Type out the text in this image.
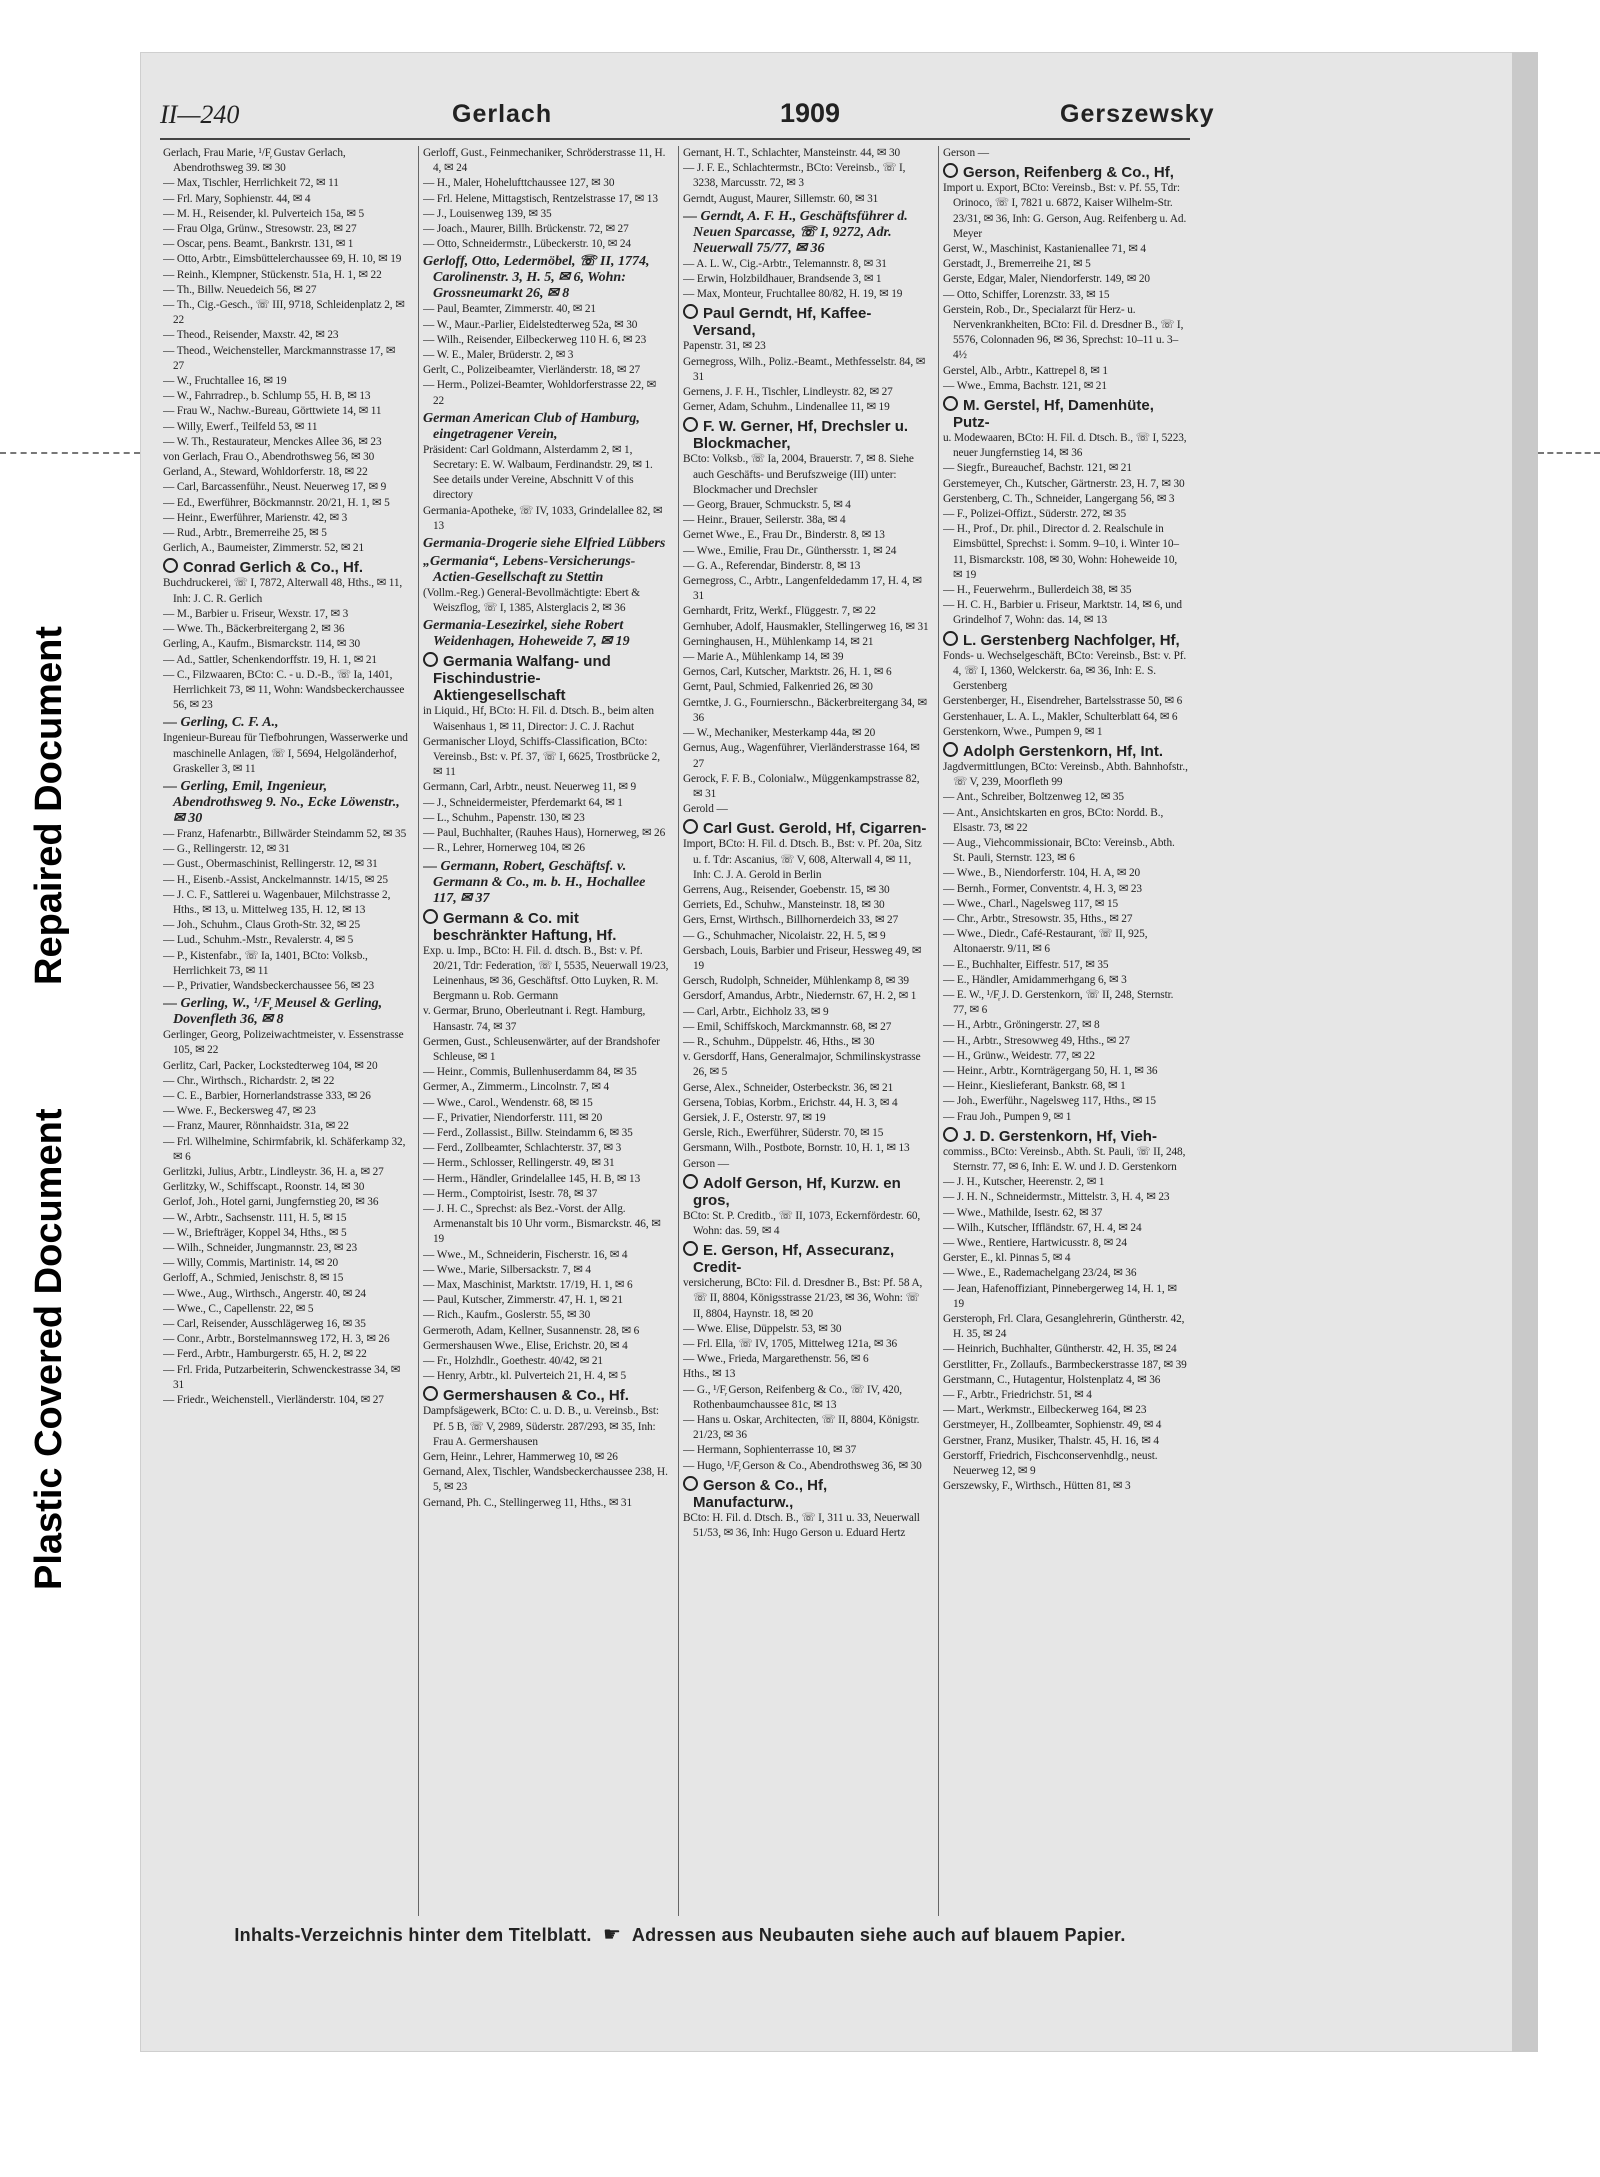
Repaired Document
Plastic Covered Document
II—240	Gerlach	1909	Gerszewsky

Gerlach, Frau Marie, ¹/F᷊ Gustav Gerlach, Abendrothsweg 39. ✉ 30

— Max, Tischler, Herrlichkeit 72, ✉ 11

— Frl. Mary, Sophienstr. 44, ✉ 4

— M. H., Reisender, kl. Pulverteich 15a, ✉ 5

— Frau Olga, Grünw., Stresowstr. 23, ✉ 27

— Oscar, pens. Beamt., Bankrstr. 131, ✉ 1

— Otto, Arbtr., Eimsbüttelerchaussee 69, H. 10, ✉ 19

— Reinh., Klempner, Stückenstr. 51a, H. 1, ✉ 22

— Th., Billw. Neuedeich 56, ✉ 27

— Th., Cig.-Gesch., ☏ III, 9718, Schleidenplatz 2, ✉ 22

— Theod., Reisender, Maxstr. 42, ✉ 23

— Theod., Weichensteller, Marckmannstrasse 17, ✉ 27

— W., Fruchtallee 16, ✉ 19

— W., Fahrradrep., b. Schlump 55, H. B, ✉ 13

— Frau W., Nachw.-Bureau, Görttwiete 14, ✉ 11

— Willy, Ewerf., Teilfeld 53, ✉ 11

— W. Th., Restaurateur, Menckes Allee 36, ✉ 23

von Gerlach, Frau O., Abendrothsweg 56, ✉ 30

Gerland, A., Steward, Wohldorferstr. 18, ✉ 22

— Carl, Barcassenführ., Neust. Neuerweg 17, ✉ 9

— Ed., Ewerführer, Böckmannstr. 20/21, H. 1, ✉ 5

— Heinr., Ewerführer, Marienstr. 42, ✉ 3

— Rud., Arbtr., Bremerreihe 25, ✉ 5

Gerlich, A., Baumeister, Zimmerstr. 52, ✉ 21

Conrad Gerlich & Co., Hf.

Buchdruckerei, ☏ I, 7872, Alterwall 48, Hths., ✉ 11, Inh: J. C. R. Gerlich

— M., Barbier u. Friseur, Wexstr. 17, ✉ 3

— Wwe. Th., Bäckerbreitergang 2, ✉ 36

Gerling, A., Kaufm., Bismarckstr. 114, ✉ 30

— Ad., Sattler, Schenkendorffstr. 19, H. 1, ✉ 21

— C., Filzwaaren, BCto: C. - u. D.-B., ☏ Ia, 1401, Herrlichkeit 73, ✉ 11, Wohn: Wandsbeckerchaussee 56, ✉ 23

— Gerling, C. F. A.,

Ingenieur-Bureau für Tiefbohrungen, Wasserwerke und maschinelle Anlagen, ☏ I, 5694, Helgoländerhof, Graskeller 3, ✉ 11

— Gerling, Emil, Ingenieur, Abendrothsweg 9. No., Ecke Löwenstr., ✉ 30

— Franz, Hafenarbtr., Billwärder Steindamm 52, ✉ 35

— G., Rellingerstr. 12, ✉ 31

— Gust., Obermaschinist, Rellingerstr. 12, ✉ 31

— H., Eisenb.-Assist, Anckelmannstr. 14/15, ✉ 25

— J. C. F., Sattlerei u. Wagenbauer, Milchstrasse 2, Hths., ✉ 13, u. Mittelweg 135, H. 12, ✉ 13

— Joh., Schuhm., Claus Groth-Str. 32, ✉ 25

— Lud., Schuhm.-Mstr., Revalerstr. 4, ✉ 5

— P., Kistenfabr., ☏ Ia, 1401, BCto: Volksb., Herrlichkeit 73, ✉ 11

— P., Privatier, Wandsbeckerchaussee 56, ✉ 23

— Gerling, W., ¹/F᷊ Meusel & Gerling, Dovenfleth 36, ✉ 8

Gerlinger, Georg, Polizeiwachtmeister, v. Essenstrasse 105, ✉ 22

Gerlitz, Carl, Packer, Lockstedterweg 104, ✉ 20

— Chr., Wirthsch., Richardstr. 2, ✉ 22

— C. E., Barbier, Hornerlandstrasse 333, ✉ 26

— Wwe. F., Beckersweg 47, ✉ 23

— Franz, Maurer, Rönnhaidstr. 31a, ✉ 22

— Frl. Wilhelmine, Schirmfabrik, kl. Schäferkamp 32, ✉ 6

Gerlitzki, Julius, Arbtr., Lindleystr. 36, H. a, ✉ 27

Gerlitzky, W., Schiffscapt., Roonstr. 14, ✉ 30

Gerlof, Joh., Hotel garni, Jungfernstieg 20, ✉ 36

— W., Arbtr., Sachsenstr. 111, H. 5, ✉ 15

— W., Briefträger, Koppel 34, Hths., ✉ 5

— Wilh., Schneider, Jungmannstr. 23, ✉ 23

— Willy, Commis, Martinistr. 14, ✉ 20

Gerloff, A., Schmied, Jenischstr. 8, ✉ 15

— Wwe., Aug., Wirthsch., Angerstr. 40, ✉ 24

— Wwe., C., Capellenstr. 22, ✉ 5

— Carl, Reisender, Ausschlägerweg 16, ✉ 35

— Conr., Arbtr., Borstelmannsweg 172, H. 3, ✉ 26

— Ferd., Arbtr., Hamburgerstr. 65, H. 2, ✉ 22

— Frl. Frida, Putzarbeiterin, Schwenckestrasse 34, ✉ 31

— Friedr., Weichenstell., Vierländerstr. 104, ✉ 27

Gerloff, Gust., Feinmechaniker, Schröderstrasse 11, H. 4, ✉ 24

— H., Maler, Hohelufttchaussee 127, ✉ 30

— Frl. Helene, Mittagstisch, Rentzelstrasse 17, ✉ 13

— J., Louisenweg 139, ✉ 35

— Joach., Maurer, Billh. Brückenstr. 72, ✉ 27

— Otto, Schneidermstr., Lübeckerstr. 10, ✉ 24

Gerloff, Otto, Ledermöbel, ☏ II, 1774, Carolinenstr. 3, H. 5, ✉ 6, Wohn: Grossneumarkt 26, ✉ 8

— Paul, Beamter, Zimmerstr. 40, ✉ 21

— W., Maur.-Parlier, Eidelstedterweg 52a, ✉ 30

— Wilh., Reisender, Eilbeckerweg 110 H. 6, ✉ 23

— W. E., Maler, Brüderstr. 2, ✉ 3

Gerlt, C., Polizeibeamter, Vierländerstr. 18, ✉ 27

— Herm., Polizei-Beamter, Wohldorferstrasse 22, ✉ 22

German American Club of Hamburg, eingetragener Verein,

Präsident: Carl Goldmann, Alsterdamm 2, ✉ 1, Secretary: E. W. Walbaum, Ferdinandstr. 29, ✉ 1. See details under Vereine, Abschnitt V of this directory

Germania-Apotheke, ☏ IV, 1033, Grindelallee 82, ✉ 13

Germania-Drogerie siehe Elfried Lübbers

„Germania“, Lebens-Versicherungs-Actien-Gesellschaft zu Stettin

(Vollm.-Reg.) General-Bevollmächtigte: Ebert & Weiszflog, ☏ I, 1385, Alsterglacis 2, ✉ 36

Germania-Lesezirkel, siehe Robert Weidenhagen, Hoheweide 7, ✉ 19

Germania Walfang- und Fischindustrie-Aktiengesellschaft

in Liquid., Hf, BCto: H. Fil. d. Dtsch. B., beim alten Waisenhaus 1, ✉ 11, Director: J. C. J. Rachut

Germanischer Lloyd, Schiffs-Classification, BCto: Vereinsb., Bst: v. Pf. 37, ☏ I, 6625, Trostbrücke 2, ✉ 11

Germann, Carl, Arbtr., neust. Neuerweg 11, ✉ 9

— J., Schneidermeister, Pferdemarkt 64, ✉ 1

— L., Schuhm., Papenstr. 130, ✉ 23

— Paul, Buchhalter, (Rauhes Haus), Hornerweg, ✉ 26

— R., Lehrer, Hornerweg 104, ✉ 26

— Germann, Robert, Geschäftsf. v. Germann & Co., m. b. H., Hochallee 117, ✉ 37

Germann & Co. mit beschränkter Haftung, Hf.

Exp. u. Imp., BCto: H. Fil. d. dtsch. B., Bst: v. Pf. 20/21, Tdr: Federation, ☏ I, 5535, Neuerwall 19/23, Leinenhaus, ✉ 36, Geschäftsf. Otto Luyken, R. M. Bergmann u. Rob. Germann

v. Germar, Bruno, Oberleutnant i. Regt. Hamburg, Hansastr. 74, ✉ 37

Germen, Gust., Schleusenwärter, auf der Brandshofer Schleuse, ✉ 1

— Heinr., Commis, Bullenhuserdamm 84, ✉ 35

Germer, A., Zimmerm., Lincolnstr. 7, ✉ 4

— Wwe., Carol., Wendenstr. 68, ✉ 15

— F., Privatier, Niendorferstr. 111, ✉ 20

— Ferd., Zollassist., Billw. Steindamm 6, ✉ 35

— Ferd., Zollbeamter, Schlachterstr. 37, ✉ 3

— Herm., Schlosser, Rellingerstr. 49, ✉ 31

— Herm., Händler, Grindelallee 145, H. B, ✉ 13

— Herm., Comptoirist, Isestr. 78, ✉ 37

— J. H. C., Sprechst: als Bez.-Vorst. der Allg. Armenanstalt bis 10 Uhr vorm., Bismarckstr. 46, ✉ 19

— Wwe., M., Schneiderin, Fischerstr. 16, ✉ 4

— Wwe., Marie, Silbersackstr. 7, ✉ 4

— Max, Maschinist, Marktstr. 17/19, H. 1, ✉ 6

— Paul, Kutscher, Zimmerstr. 47, H. 1, ✉ 21

— Rich., Kaufm., Goslerstr. 55, ✉ 30

Germeroth, Adam, Kellner, Susannenstr. 28, ✉ 6

Germershausen Wwe., Elise, Erichstr. 20, ✉ 4

— Fr., Holzhdlr., Goethestr. 40/42, ✉ 21

— Henry, Arbtr., kl. Pulverteich 21, H. 4, ✉ 5

Germershausen & Co., Hf.

Dampfsägewerk, BCto: C. u. D. B., u. Vereinsb., Bst: Pf. 5 B, ☏ V, 2989, Süderstr. 287/293, ✉ 35, Inh: Frau A. Germershausen

Gern, Heinr., Lehrer, Hammerweg 10, ✉ 26

Gernand, Alex, Tischler, Wandsbeckerchaussee 238, H. 5, ✉ 23

Gernand, Ph. C., Stellingerweg 11, Hths., ✉ 31

Gernant, H. T., Schlachter, Mansteinstr. 44, ✉ 30

— J. F. E., Schlachtermstr., BCto: Vereinsb., ☏ I, 3238, Marcusstr. 72, ✉ 3

Gerndt, August, Maurer, Sillemstr. 60, ✉ 31

— Gerndt, A. F. H., Geschäftsführer d. Neuen Sparcasse, ☏ I, 9272, Adr. Neuerwall 75/77, ✉ 36

— A. L. W., Cig.-Arbtr., Telemannstr. 8, ✉ 31

— Erwin, Holzbildhauer, Brandsende 3, ✉ 1

— Max, Monteur, Fruchtallee 80/82, H. 19, ✉ 19

Paul Gerndt, Hf, Kaffee-Versand,

Papenstr. 31, ✉ 23

Gernegross, Wilh., Poliz.-Beamt., Methfesselstr. 84, ✉ 31

Gernens, J. F. H., Tischler, Lindleystr. 82, ✉ 27

Gerner, Adam, Schuhm., Lindenallee 11, ✉ 19

F. W. Gerner, Hf, Drechsler u. Blockmacher,

BCto: Volksb., ☏ Ia, 2004, Brauerstr. 7, ✉ 8. Siehe auch Geschäfts- und Berufszweige (III) unter: Blockmacher und Drechsler

— Georg, Brauer, Schmuckstr. 5, ✉ 4

— Heinr., Brauer, Seilerstr. 38a, ✉ 4

Gernet Wwe., E., Frau Dr., Binderstr. 8, ✉ 13

— Wwe., Emilie, Frau Dr., Günthersstr. 1, ✉ 24

— G. A., Referendar, Binderstr. 8, ✉ 13

Gernegross, C., Arbtr., Langenfeldedamm 17, H. 4, ✉ 31

Gernhardt, Fritz, Werkf., Flüggestr. 7, ✉ 22

Gernhuber, Adolf, Hausmakler, Stellingerweg 16, ✉ 31

Gerninghausen, H., Mühlenkamp 14, ✉ 21

— Marie A., Mühlenkamp 14, ✉ 39

Gernos, Carl, Kutscher, Marktstr. 26, H. 1, ✉ 6

Gernt, Paul, Schmied, Falkenried 26, ✉ 30

Gerntke, J. G., Fournierschn., Bäckerbreitergang 34, ✉ 36

— W., Mechaniker, Mesterkamp 44a, ✉ 20

Gernus, Aug., Wagenführer, Vierländerstrasse 164, ✉ 27

Gerock, F. F. B., Colonialw., Müggenkampstrasse 82, ✉ 31

Gerold —

Carl Gust. Gerold, Hf, Cigarren-

Import, BCto: H. Fil. d. Dtsch. B., Bst: v. Pf. 20a, Sitz u. f. Tdr: Ascanius, ☏ V, 608, Alterwall 4, ✉ 11, Inh: C. J. A. Gerold in Berlin

Gerrens, Aug., Reisender, Goebenstr. 15, ✉ 30

Gerriets, Ed., Schuhw., Mansteinstr. 18, ✉ 30

Gers, Ernst, Wirthsch., Billhornerdeich 33, ✉ 27

— G., Schuhmacher, Nicolaistr. 22, H. 5, ✉ 9

Gersbach, Louis, Barbier und Friseur, Hessweg 49, ✉ 19

Gersch, Rudolph, Schneider, Mühlenkamp 8, ✉ 39

Gersdorf, Amandus, Arbtr., Niedernstr. 67, H. 2, ✉ 1

— Carl, Arbtr., Eichholz 33, ✉ 9

— Emil, Schiffskoch, Marckmannstr. 68, ✉ 27

— R., Schuhm., Düppelstr. 46, Hths., ✉ 30

v. Gersdorff, Hans, Generalmajor, Schmilinskystrasse 26, ✉ 5

Gerse, Alex., Schneider, Osterbeckstr. 36, ✉ 21

Gersena, Tobias, Korbm., Erichstr. 44, H. 3, ✉ 4

Gersiek, J. F., Osterstr. 97, ✉ 19

Gersle, Rich., Ewerführer, Süderstr. 70, ✉ 15

Gersmann, Wilh., Postbote, Bornstr. 10, H. 1, ✉ 13

Gerson —

Adolf Gerson, Hf, Kurzw. en gros,

BCto: St. P. Creditb., ☏ II, 1073, Eckernfördestr. 60, Wohn: das. 59, ✉ 4

E. Gerson, Hf, Assecuranz, Credit-

versicherung, BCto: Fil. d. Dresdner B., Bst: Pf. 58 A, ☏ II, 8804, Königsstrasse 21/23, ✉ 36, Wohn: ☏ II, 8804, Haynstr. 18, ✉ 20

— Wwe. Elise, Düppelstr. 53, ✉ 30

— Frl. Ella, ☏ IV, 1705, Mittelweg 121a, ✉ 36

— Wwe., Frieda, Margarethenstr. 56, ✉ 6

Hths., ✉ 13

— G., ¹/F᷊ Gerson, Reifenberg & Co., ☏ IV, 420, Rothenbaumchaussee 81c, ✉ 13

— Hans u. Oskar, Architecten, ☏ II, 8804, Königstr. 21/23, ✉ 36

— Hermann, Sophienterrasse 10, ✉ 37

— Hugo, ¹/F᷊ Gerson & Co., Abendrothsweg 36, ✉ 30

Gerson & Co., Hf, Manufacturw.,

BCto: H. Fil. d. Dtsch. B., ☏ I, 311 u. 33, Neuerwall 51/53, ✉ 36, Inh: Hugo Gerson u. Eduard Hertz

Gerson —

Gerson, Reifenberg & Co., Hf,

Import u. Export, BCto: Vereinsb., Bst: v. Pf. 55, Tdr: Orinoco, ☏ I, 7821 u. 6872, Kaiser Wilhelm-Str. 23/31, ✉ 36, Inh: G. Gerson, Aug. Reifenberg u. Ad. Meyer

Gerst, W., Maschinist, Kastanienallee 71, ✉ 4

Gerstadt, J., Bremerreihe 21, ✉ 5

Gerste, Edgar, Maler, Niendorferstr. 149, ✉ 20

— Otto, Schiffer, Lorenzstr. 33, ✉ 15

Gerstein, Rob., Dr., Specialarzt für Herz- u. Nervenkrankheiten, BCto: Fil. d. Dresdner B., ☏ I, 5576, Colonnaden 96, ✉ 36, Sprechst: 10–11 u. 3–4½

Gerstel, Alb., Arbtr., Kattrepel 8, ✉ 1

— Wwe., Emma, Bachstr. 121, ✉ 21

M. Gerstel, Hf, Damenhüte, Putz-

u. Modewaaren, BCto: H. Fil. d. Dtsch. B., ☏ I, 5223, neuer Jungfernstieg 14, ✉ 36

— Siegfr., Bureauchef, Bachstr. 121, ✉ 21

Gerstemeyer, Ch., Kutscher, Gärtnerstr. 23, H. 7, ✉ 30

Gerstenberg, C. Th., Schneider, Langergang 56, ✉ 3

— F., Polizei-Offizt., Süderstr. 272, ✉ 35

— H., Prof., Dr. phil., Director d. 2. Realschule in Eimsbüttel, Sprechst: i. Somm. 9–10, i. Winter 10–11, Bismarckstr. 108, ✉ 30, Wohn: Hoheweide 10, ✉ 19

— H., Feuerwehrm., Bullerdeich 38, ✉ 35

— H. C. H., Barbier u. Friseur, Marktstr. 14, ✉ 6, und Grindelhof 7, Wohn: das. 14, ✉ 13

L. Gerstenberg Nachfolger, Hf,

Fonds- u. Wechselgeschäft, BCto: Vereinsb., Bst: v. Pf. 4, ☏ I, 1360, Welckerstr. 6a, ✉ 36, Inh: E. S. Gerstenberg

Gerstenberger, H., Eisendreher, Bartelsstrasse 50, ✉ 6

Gerstenhauer, L. A. L., Makler, Schulterblatt 64, ✉ 6

Gerstenkorn, Wwe., Pumpen 9, ✉ 1

Adolph Gerstenkorn, Hf, Int.

Jagdvermittlungen, BCto: Vereinsb., Abth. Bahnhofstr., ☏ V, 239, Moorfleth 99

— Ant., Schreiber, Boltzenweg 12, ✉ 35

— Ant., Ansichtskarten en gros, BCto: Nordd. B., Elsastr. 73, ✉ 22

— Aug., Viehcommissionair, BCto: Vereinsb., Abth. St. Pauli, Sternstr. 123, ✉ 6

— Wwe., B., Niendorferstr. 104, H. A, ✉ 20

— Bernh., Former, Conventstr. 4, H. 3, ✉ 23

— Wwe., Charl., Nagelsweg 117, ✉ 15

— Chr., Arbtr., Stresowstr. 35, Hths., ✉ 27

— Wwe., Diedr., Café-Restaurant, ☏ II, 925, Altonaerstr. 9/11, ✉ 6

— E., Buchhalter, Eiffestr. 517, ✉ 35

— E., Händler, Amidammerhgang 6, ✉ 3

— E. W., ¹/F᷊ J. D. Gerstenkorn, ☏ II, 248, Sternstr. 77, ✉ 6

— H., Arbtr., Gröningerstr. 27, ✉ 8

— H., Arbtr., Stresowweg 49, Hths., ✉ 27

— H., Grünw., Weidestr. 77, ✉ 22

— Heinr., Arbtr., Kornträgergang 50, H. 1, ✉ 36

— Heinr., Kieslieferant, Bankstr. 68, ✉ 1

— Joh., Ewerführ., Nagelsweg 117, Hths., ✉ 15

— Frau Joh., Pumpen 9, ✉ 1

J. D. Gerstenkorn, Hf, Vieh-

commiss., BCto: Vereinsb., Abth. St. Pauli, ☏ II, 248, Sternstr. 77, ✉ 6, Inh: E. W. und J. D. Gerstenkorn

— J. H., Kutscher, Heerenstr. 2, ✉ 1

— J. H. N., Schneidermstr., Mittelstr. 3, H. 4, ✉ 23

— Wwe., Mathilde, Isestr. 62, ✉ 37

— Wilh., Kutscher, Iffländstr. 67, H. 4, ✉ 24

— Wwe., Rentiere, Hartwicusstr. 8, ✉ 24

Gerster, E., kl. Pinnas 5, ✉ 4

— Wwe., E., Rademachelgang 23/24, ✉ 36

— Jean, Hafenoffiziant, Pinnebergerweg 14, H. 1, ✉ 19

Gersteroph, Frl. Clara, Gesanglehrerin, Güntherstr. 42, H. 35, ✉ 24

— Heinrich, Buchhalter, Güntherstr. 42, H. 35, ✉ 24

Gerstlitter, Fr., Zollaufs., Barmbeckerstrasse 187, ✉ 39

Gerstmann, C., Hutagentur, Holstenplatz 4, ✉ 36

— F., Arbtr., Friedrichstr. 51, ✉ 4

— Mart., Werkmstr., Eilbeckerweg 164, ✉ 23

Gerstmeyer, H., Zollbeamter, Sophienstr. 49, ✉ 4

Gerstner, Franz, Musiker, Thalstr. 45, H. 16, ✉ 4

Gerstorff, Friedrich, Fischconservenhdlg., neust. Neuerweg 12, ✉ 9

Gerszewsky, F., Wirthsch., Hütten 81, ✉ 3

Inhalts-Verzeichnis hinter dem Titelblatt. ☛ Adressen aus Neubauten siehe auch auf blauem Papier.
